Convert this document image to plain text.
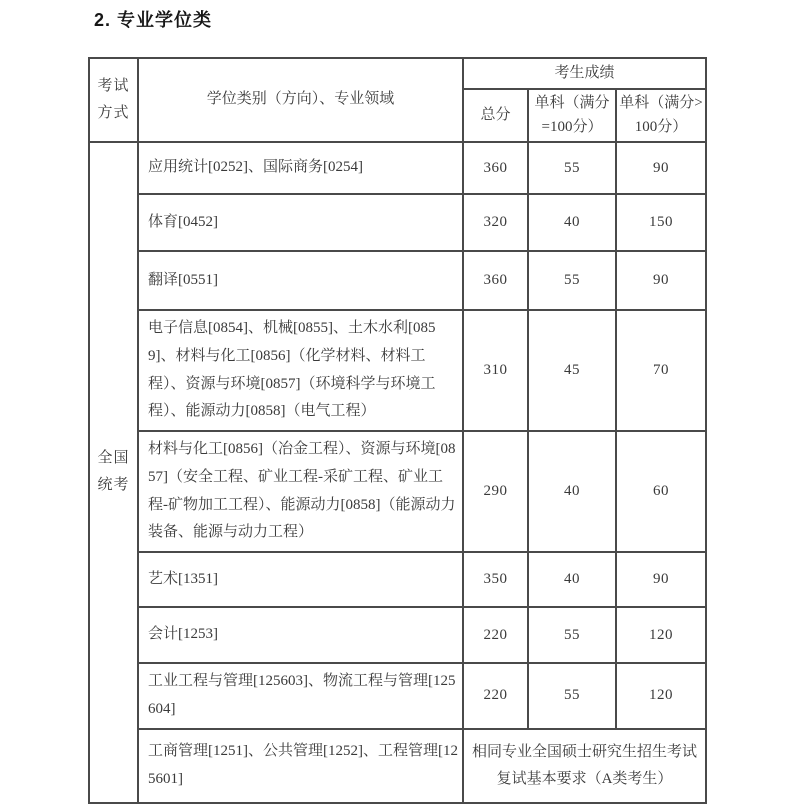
2. 专业学位类
考试方式	学位类别（方向）、专业领域	考生成绩		
		总分	单科（满分=100分）	单科（满分>100分）
全国统考	应用统计[0252]、国际商务[0254]	360	55	90
	体育[0452]	320	40	150
	翻译[0551]	360	55	90
	电子信息[0854]、机械[0855]、土木水利[0859]、材料与化工[0856]（化学材料、材料工程）、资源与环境[0857]（环境科学与环境工程）、能源动力[0858]（电气工程）	310	45	70
	材料与化工[0856]（冶金工程）、资源与环境[0857]（安全工程、矿业工程-采矿工程、矿业工程-矿物加工工程）、能源动力[0858]（能源动力装备、能源与动力工程）	290	40	60
	艺术[1351]	350	40	90
	会计[1253]	220	55	120
	工业工程与管理[125603]、物流工程与管理[125604]	220	55	120
	工商管理[1251]、公共管理[1252]、工程管理[125601]	相同专业全国硕士研究生招生考试复试基本要求（A类考生）		
